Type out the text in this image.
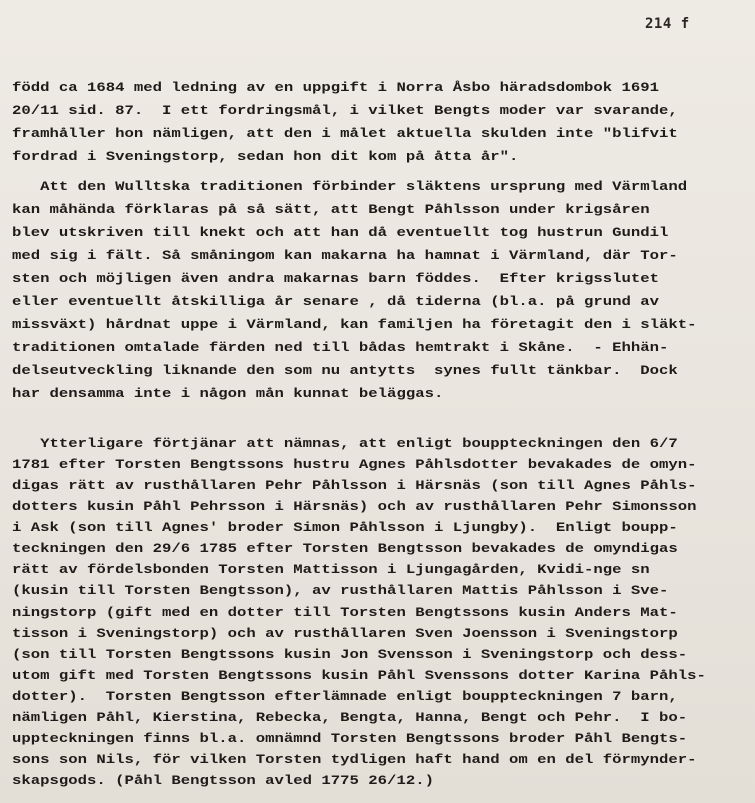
214 f
född ca 1684 med ledning av en uppgift i Norra Åsbo häradsdombok 1691
20/11 sid. 87.  I ett fordringsmål, i vilket Bengts moder var svarande,
framhåller hon nämligen, att den i målet aktuella skulden inte "blifvit
fordrad i Sveningstorp, sedan hon dit kom på åtta år".
Att den Wulltska traditionen förbinder släktens ursprung med Värmland
kan måhända förklaras på så sätt, att Bengt Påhlsson under krigsåren
blev utskriven till knekt och att han då eventuellt tog hustrun Gundil
med sig i fält. Så småningom kan makarna ha hamnat i Värmland, där Tor-
sten och möjligen även andra makarnas barn föddes.  Efter krigsslutet
eller eventuellt åtskilliga år senare , då tiderna (bl.a. på grund av
missväxt) hårdnat uppe i Värmland, kan familjen ha företagit den i släkt-
traditionen omtalade färden ned till bådas hemtrakt i Skåne.  - Ehhän-
delseutveckling liknande den som nu antytts  synes fullt tänkbar.  Dock
har densamma inte i någon mån kunnat beläggas.
Ytterligare förtjänar att nämnas, att enligt bouppteckningen den 6/7
1781 efter Torsten Bengtssons hustru Agnes Påhlsdotter bevakades de omyn-
digas rätt av rusthållaren Pehr Påhlsson i Härsnäs (son till Agnes Påhls-
dotters kusin Påhl Pehrsson i Härsnäs) och av rusthållaren Pehr Simonsson
i Ask (son till Agnes' broder Simon Påhlsson i Ljungby).  Enligt boupp-
teckningen den 29/6 1785 efter Torsten Bengtsson bevakades de omyndigas
rätt av fördelsbonden Torsten Mattisson i Ljungagården, Kvidi-nge sn
(kusin till Torsten Bengtsson), av rusthållaren Mattis Påhlsson i Sve-
ningstorp (gift med en dotter till Torsten Bengtssons kusin Anders Mat-
tisson i Sveningstorp) och av rusthållaren Sven Joensson i Sveningstorp
(son till Torsten Bengtssons kusin Jon Svensson i Sveningstorp och dess-
utom gift med Torsten Bengtssons kusin Påhl Svenssons dotter Karina Påhls-
dotter).  Torsten Bengtsson efterlämnade enligt bouppteckningen 7 barn,
nämligen Påhl, Kierstina, Rebecka, Bengta, Hanna, Bengt och Pehr.  I bo-
uppteckningen finns bl.a. omnämnd Torsten Bengtssons broder Påhl Bengts-
sons son Nils, för vilken Torsten tydligen haft hand om en del förmynder-
skapsgods. (Påhl Bengtsson avled 1775 26/12.)
